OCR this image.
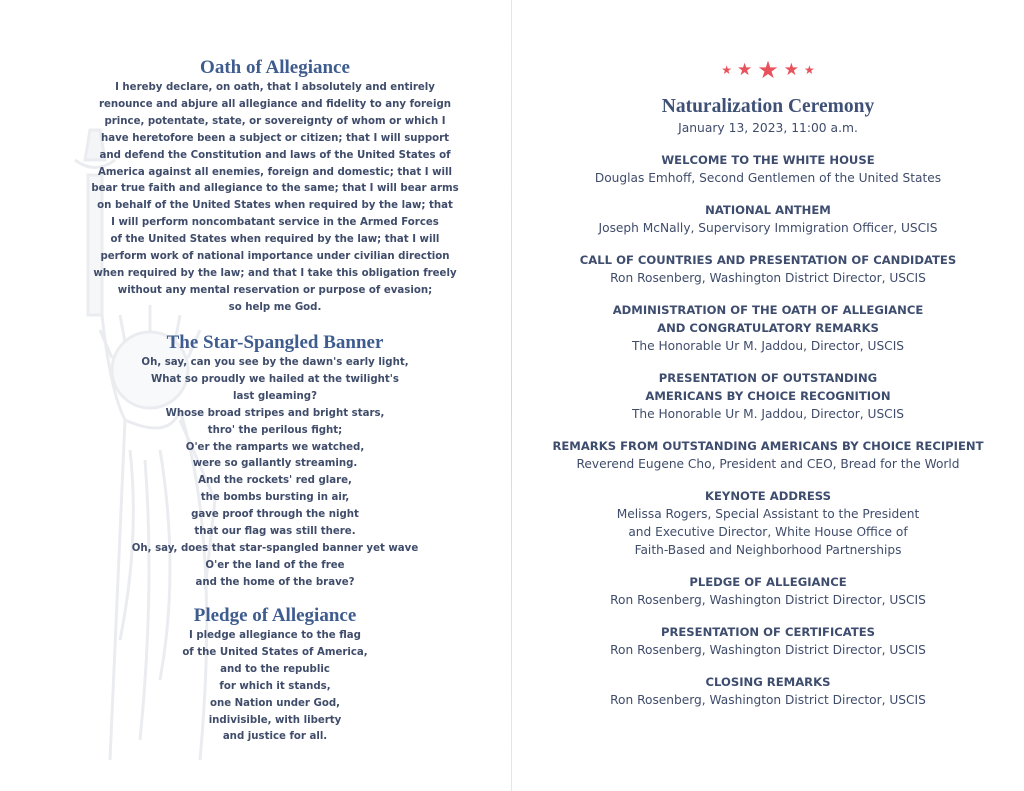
Oath of Allegiance

I hereby declare, on oath, that I absolutely and entirely
renounce and abjure all allegiance and fidelity to any foreign
prince, potentate, state, or sovereignty of whom or which I
have heretofore been a subject or citizen; that I will support
and defend the Constitution and laws of the United States of
America against all enemies, foreign and domestic; that I will
bear true faith and allegiance to the same; that I will bear arms
on behalf of the United States when required by the law; that
I will perform noncombatant service in the Armed Forces
of the United States when required by the law; that I will
perform work of national importance under civilian direction
when required by the law; and that I take this obligation freely
without any mental reservation or purpose of evasion;
so help me God.

The Star-Spangled Banner

Oh, say, can you see by the dawn's early light,
What so proudly we hailed at the twilight's
last gleaming?
Whose broad stripes and bright stars,
thro' the perilous fight;
O'er the ramparts we watched,
were so gallantly streaming.
And the rockets' red glare,
the bombs bursting in air,
gave proof through the night
that our flag was still there.
Oh, say, does that star-spangled banner yet wave
O'er the land of the free
and the home of the brave?

Pledge of Allegiance

I pledge allegiance to the flag
of the United States of America,
and to the republic
for which it stands,
one Nation under God,
indivisible, with liberty
and justice for all.

★ ★ ★ ★ ★
Naturalization Ceremony
January 13, 2023, 11:00 a.m.
WELCOME TO THE WHITE HOUSE
Douglas Emhoff, Second Gentlemen of the United States
NATIONAL ANTHEM
Joseph McNally, Supervisory Immigration Officer, USCIS
CALL OF COUNTRIES AND PRESENTATION OF CANDIDATES
Ron Rosenberg, Washington District Director, USCIS
ADMINISTRATION OF THE OATH OF ALLEGIANCE
AND CONGRATULATORY REMARKS
The Honorable Ur M. Jaddou, Director, USCIS
PRESENTATION OF OUTSTANDING
AMERICANS BY CHOICE RECOGNITION
The Honorable Ur M. Jaddou, Director, USCIS
REMARKS FROM OUTSTANDING AMERICANS BY CHOICE RECIPIENT
Reverend Eugene Cho, President and CEO, Bread for the World
KEYNOTE ADDRESS
Melissa Rogers, Special Assistant to the President
and Executive Director, White House Office of
Faith-Based and Neighborhood Partnerships
PLEDGE OF ALLEGIANCE
Ron Rosenberg, Washington District Director, USCIS
PRESENTATION OF CERTIFICATES
Ron Rosenberg, Washington District Director, USCIS
CLOSING REMARKS
Ron Rosenberg, Washington District Director, USCIS
